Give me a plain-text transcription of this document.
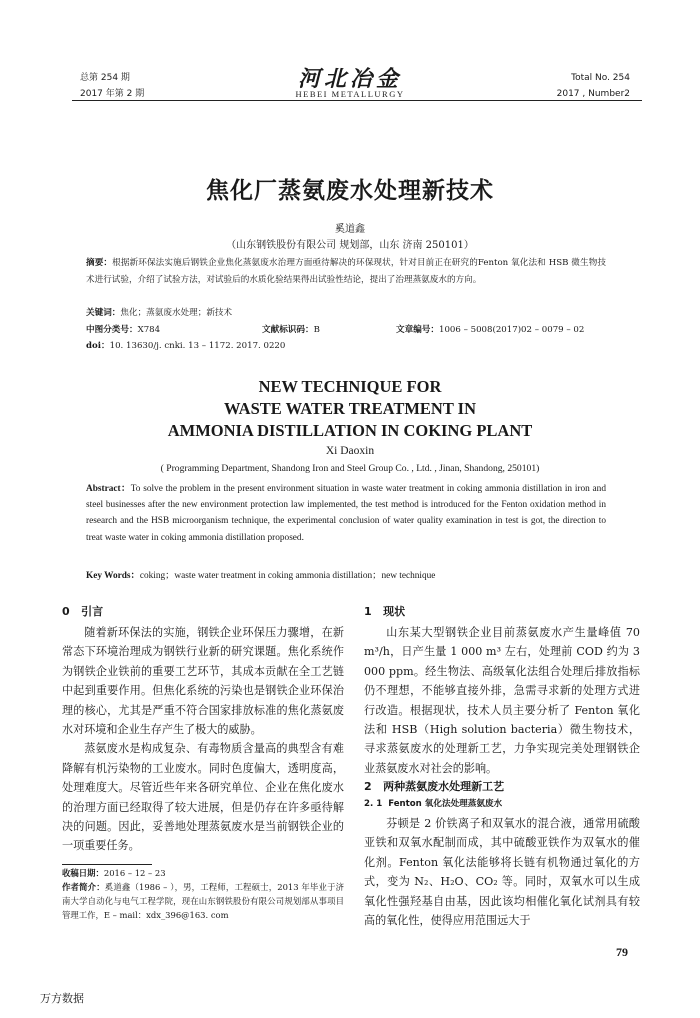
总第 254 期
2017 年第 2 期
河北冶金
HEBEI METALLURGY
Total No. 254
2017 , Number2
焦化厂蒸氨废水处理新技术
奚道鑫
（山东钢铁股份有限公司 规划部，山东 济南 250101）
摘要：根据新环保法实施后钢铁企业焦化蒸氨废水治理方面亟待解决的环保现状，针对目前正在研究的Fenton 氧化法和 HSB 微生物技术进行试验，介绍了试验方法，对试验后的水质化验结果得出试验性结论，提出了治理蒸氨废水的方向。
关键词：焦化；蒸氨废水处理；新技术
中图分类号：X784	文献标识码：B	文章编号：1006 – 5008(2017)02 – 0079 – 02
doi：10. 13630/j. cnki. 13 – 1172. 2017. 0220
NEW TECHNIQUE FOR
WASTE WATER TREATMENT IN
AMMONIA DISTILLATION IN COKING PLANT
Xi Daoxin
( Programming Department, Shandong Iron and Steel Group Co. , Ltd. , Jinan, Shandong, 250101)
Abstract：To solve the problem in the present environment situation in waste water treatment in coking ammonia distillation in iron and steel businesses after the new environment protection law implemented, the test method is introduced for the Fenton oxidation method in research and the HSB microorganism technique, the experimental conclusion of water quality examination in test is got, the direction to treat waste water in coking ammonia distillation proposed.
Key Words：coking；waste water treatment in coking ammonia distillation；new technique
0 引言

随着新环保法的实施，钢铁企业环保压力骤增，在新常态下环境治理成为钢铁行业新的研究课题。焦化系统作为钢铁企业铁前的重要工艺环节，其成本贡献在全工艺链中起到重要作用。但焦化系统的污染也是钢铁企业环保治理的核心，尤其是严重不符合国家排放标准的焦化蒸氨废水对环境和企业生存产生了极大的威胁。

蒸氨废水是构成复杂、有毒物质含量高的典型含有难降解有机污染物的工业废水。同时色度偏大，透明度高，处理难度大。尽管近些年来各研究单位、企业在焦化废水的治理方面已经取得了较大进展，但是仍存在许多亟待解决的问题。因此，妥善地处理蒸氨废水是当前钢铁企业的一项重要任务。

收稿日期：2016 – 12 – 23
作者简介：奚道鑫（1986 – ），男，工程师，工程硕士，2013 年毕业于济南大学自动化与电气工程学院，现在山东钢铁股份有限公司规划部从事项目管理工作，E – mail：xdx_396@163. com
1 现状

山东某大型钢铁企业目前蒸氨废水产生量峰值 70 m³/h，日产生量 1 000 m³ 左右，处理前 COD 约为 3 000 ppm。经生物法、高级氧化法组合处理后排放指标仍不理想，不能够直接外排，急需寻求新的处理方式进行改造。根据现状，技术人员主要分析了 Fenton 氧化法和 HSB（High solution bacteria）微生物技术，寻求蒸氨废水的处理新工艺，力争实现完美处理钢铁企业蒸氨废水对社会的影响。

2 两种蒸氨废水处理新工艺
2. 1 Fenton 氧化法处理蒸氨废水

芬顿是 2 价铁离子和双氧水的混合液，通常用硫酸亚铁和双氧水配制而成，其中硫酸亚铁作为双氧水的催化剂。Fenton 氧化法能够将长链有机物通过氧化的方式，变为 N₂、H₂O、CO₂ 等。同时，双氧水可以生成氧化性强羟基自由基，因此该均相催化氧化试剂具有较高的氧化性，使得应用范围远大于

79
万方数据
